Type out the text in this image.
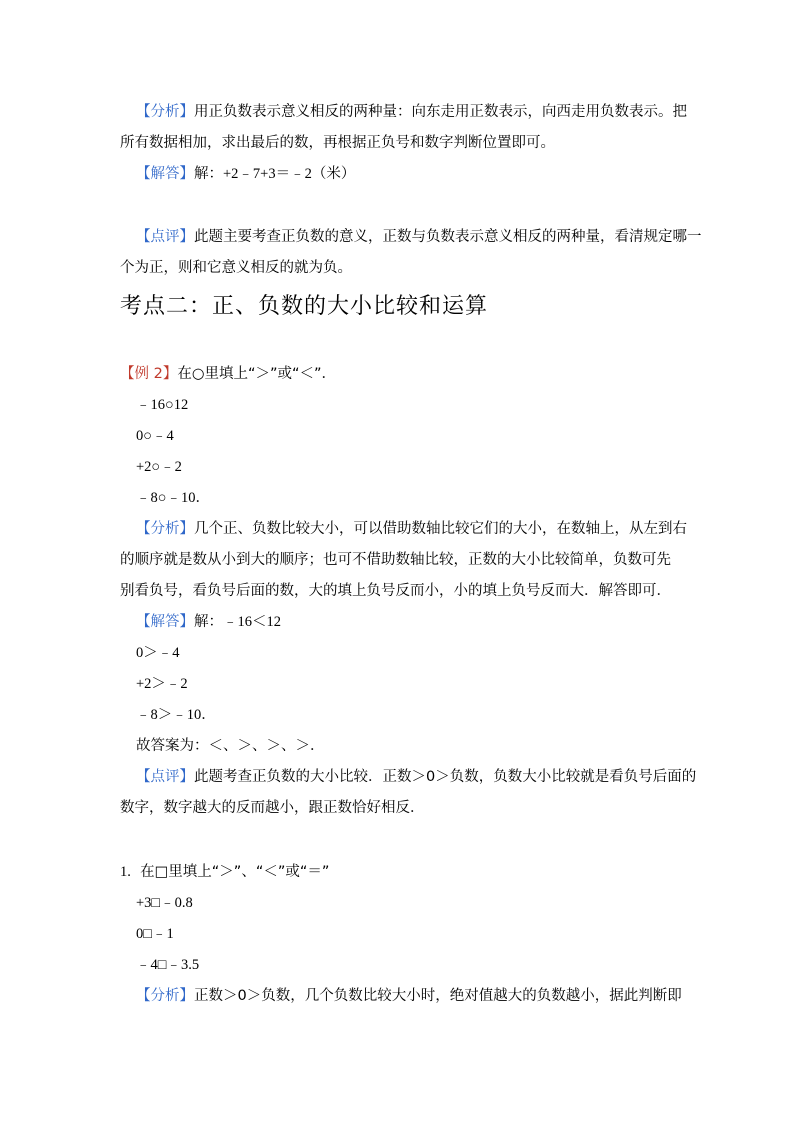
【分析】用正负数表示意义相反的两种量：向东走用正数表示，向西走用负数表示。把
所有数据相加，求出最后的数，再根据正负号和数字判断位置即可。
【解答】解：+2﹣7+3＝﹣2（米）
【点评】此题主要考查正负数的意义，正数与负数表示意义相反的两种量，看清规定哪一
个为正，则和它意义相反的就为负。
考点二：正、负数的大小比较和运算
【例 2】在○里填上“＞”或“＜”．
﹣16○12
0○﹣4
+2○﹣2
﹣8○﹣10．
【分析】几个正、负数比较大小，可以借助数轴比较它们的大小，在数轴上，从左到右
的顺序就是数从小到大的顺序；也可不借助数轴比较，正数的大小比较简单，负数可先
别看负号，看负号后面的数，大的填上负号反而小，小的填上负号反而大．解答即可．
【解答】解：﹣16＜12
0＞﹣4
+2＞﹣2
﹣8＞﹣10．
故答案为：＜、＞、＞、＞．
【点评】此题考查正负数的大小比较．正数＞0＞负数，负数大小比较就是看负号后面的
数字，数字越大的反而越小，跟正数恰好相反．
1. 在□里填上“＞”、“＜”或“＝”
+3□﹣0.8
0□﹣1
﹣4□﹣3.5
【分析】正数＞0＞负数，几个负数比较大小时，绝对值越大的负数越小，据此判断即
